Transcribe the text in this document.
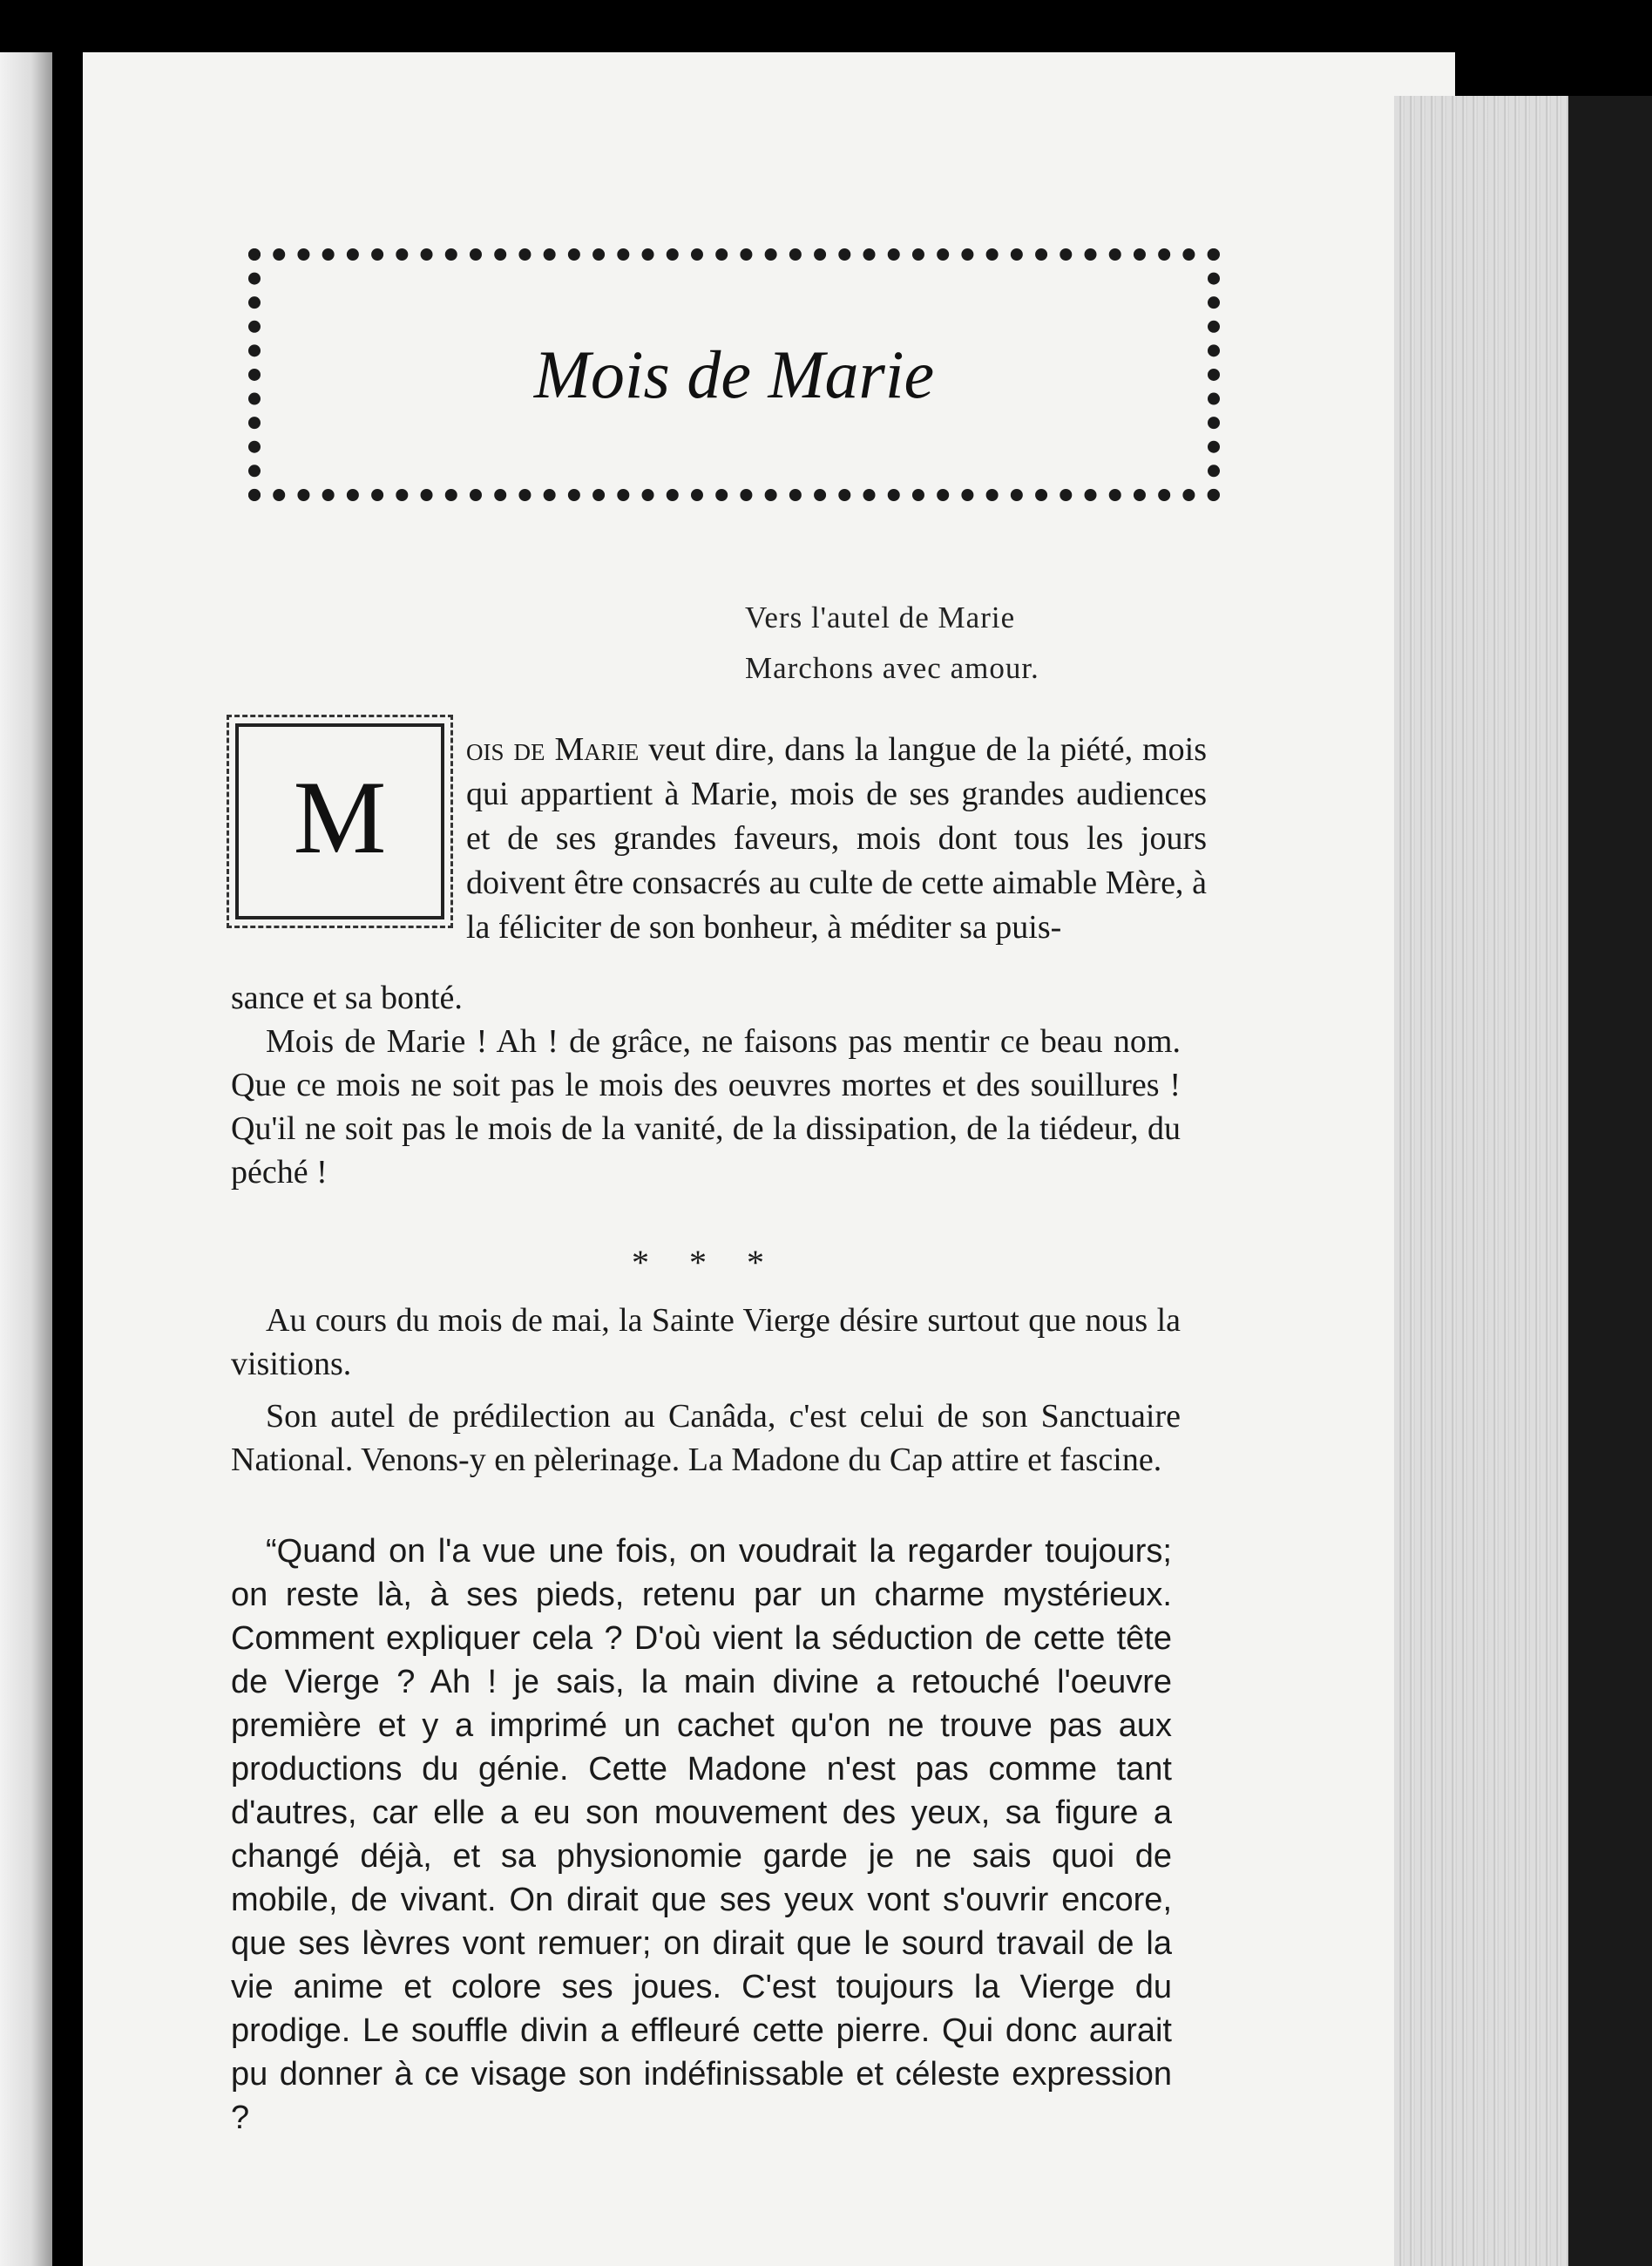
Mois de Marie
Vers l'autel de Marie
Marchons avec amour.
M
ois de Marie veut dire, dans la langue de la piété, mois qui appartient à Marie, mois de ses grandes audiences et de ses grandes faveurs, mois dont tous les jours doivent être consacrés au culte de cette aimable Mère, à la féliciter de son bonheur, à méditer sa puis-
sance et sa bonté.

Mois de Marie ! Ah ! de grâce, ne faisons pas mentir ce beau nom. Que ce mois ne soit pas le mois des oeuvres mortes et des souillures ! Qu'il ne soit pas le mois de la vanité, de la dissipation, de la tiédeur, du péché !

* * *

Au cours du mois de mai, la Sainte Vierge désire surtout que nous la visitions.

Son autel de prédilection au Canâda, c'est celui de son Sanctuaire National. Venons-y en pèlerinage. La Madone du Cap attire et fascine.

“Quand on l'a vue une fois, on voudrait la regarder toujours; on reste là, à ses pieds, retenu par un charme mystérieux. Comment expliquer cela ? D'où vient la séduction de cette tête de Vierge ? Ah ! je sais, la main divine a retouché l'oeuvre première et y a imprimé un cachet qu'on ne trouve pas aux productions du génie. Cette Madone n'est pas comme tant d'autres, car elle a eu son mouvement des yeux, sa figure a changé déjà, et sa physionomie garde je ne sais quoi de mobile, de vivant. On dirait que ses yeux vont s'ouvrir encore, que ses lèvres vont remuer; on dirait que le sourd travail de la vie anime et colore ses joues. C'est toujours la Vierge du prodige. Le souffle divin a effleuré cette pierre. Qui donc aurait pu donner à ce visage son indéfinissable et céleste expression ?
